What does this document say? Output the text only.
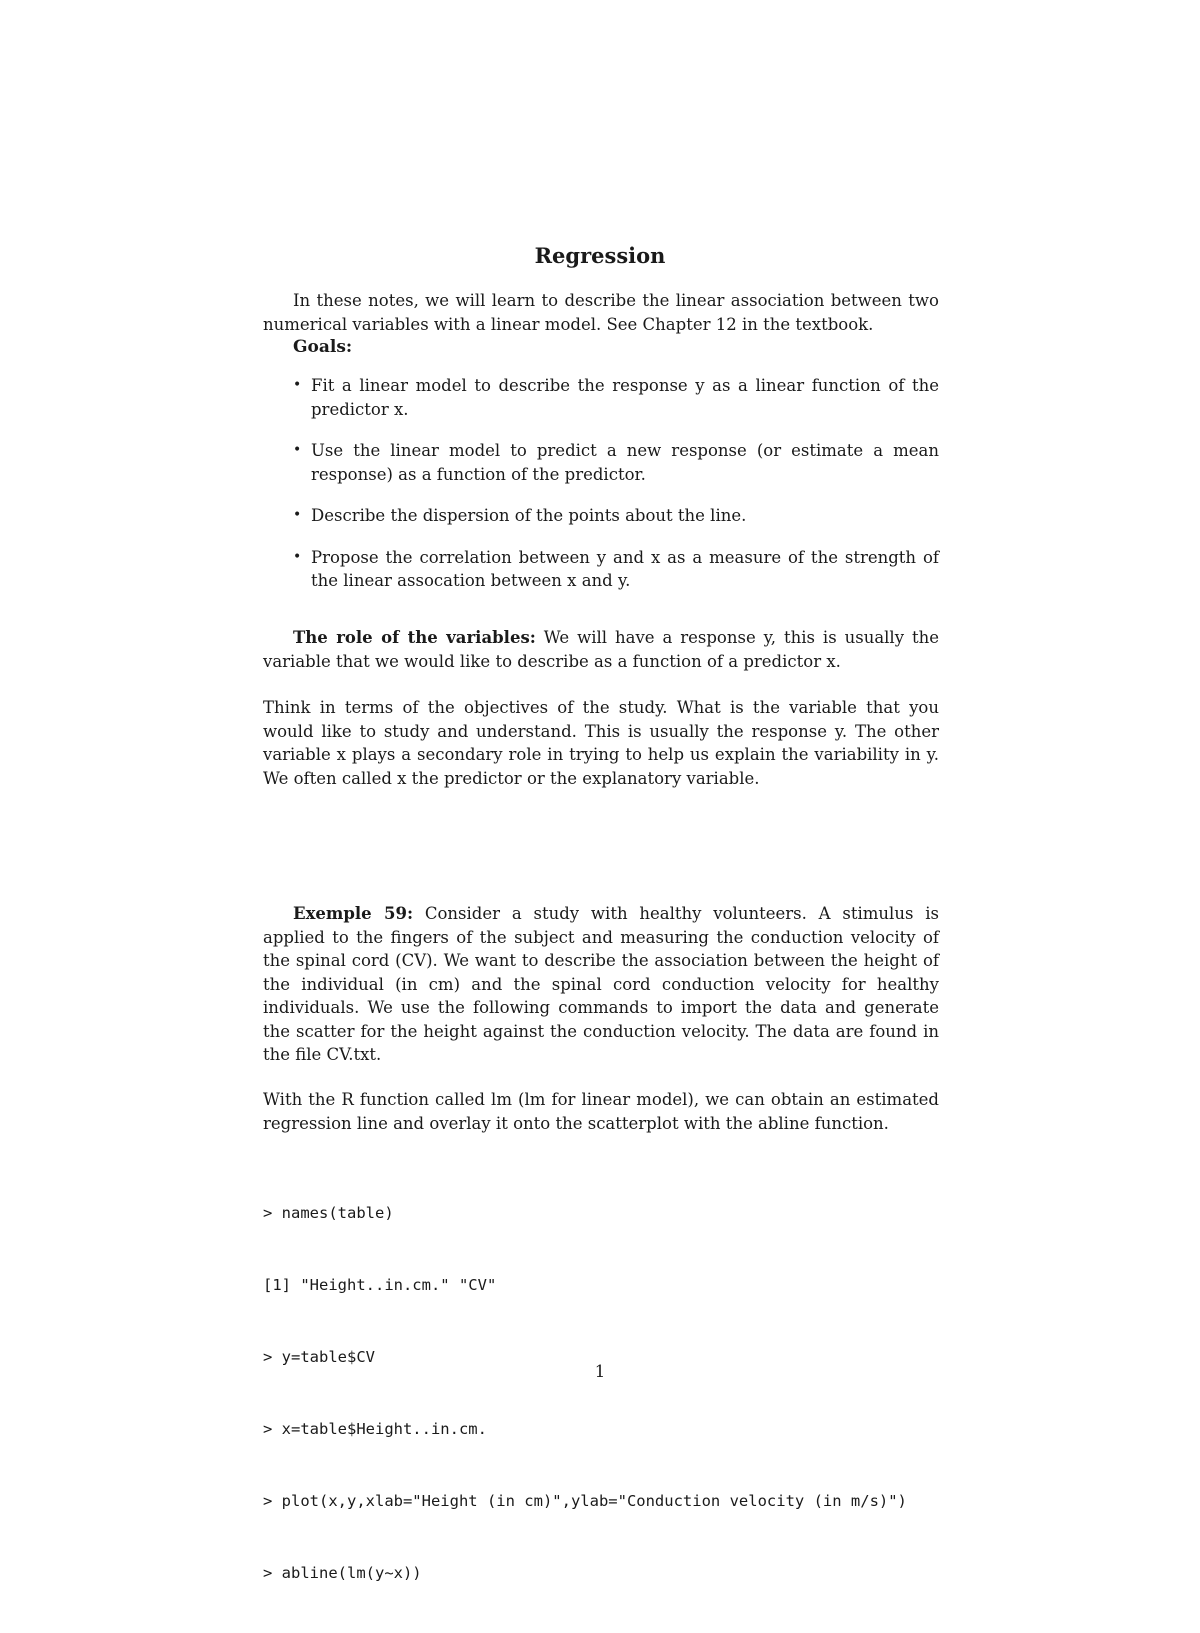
Regression

In these notes, we will learn to describe the linear association between two numerical variables with a linear model. See Chapter 12 in the textbook.

Goals:
• Fit a linear model to describe the response y as a linear function of the predictor x.
• Use the linear model to predict a new response (or estimate a mean response) as a function of the predictor.
• Describe the dispersion of the points about the line.
• Propose the correlation between y and x as a measure of the strength of the linear assocation between x and y.

The role of the variables: We will have a response y, this is usually the variable that we would like to describe as a function of a predictor x.

Think in terms of the objectives of the study. What is the variable that you would like to study and understand. This is usually the response y. The other variable x plays a secondary role in trying to help us explain the variability in y. We often called x the predictor or the explanatory variable.

Exemple 59: Consider a study with healthy volunteers. A stimulus is applied to the fingers of the subject and measuring the conduction velocity of the spinal cord (CV). We want to describe the association between the height of the individual (in cm) and the spinal cord conduction velocity for healthy individuals. We use the following commands to import the data and generate the scatter for the height against the conduction velocity. The data are found in the file CV.txt.

With the R function called lm (lm for linear model), we can obtain an estimated regression line and overlay it onto the scatterplot with the abline function.

> names(table)

[1] "Height..in.cm." "CV"

> y=table$CV

> x=table$Height..in.cm.

> plot(x,y,xlab="Height (in cm)",ylab="Conduction velocity (in m/s)")

> abline(lm(y~x))

1
